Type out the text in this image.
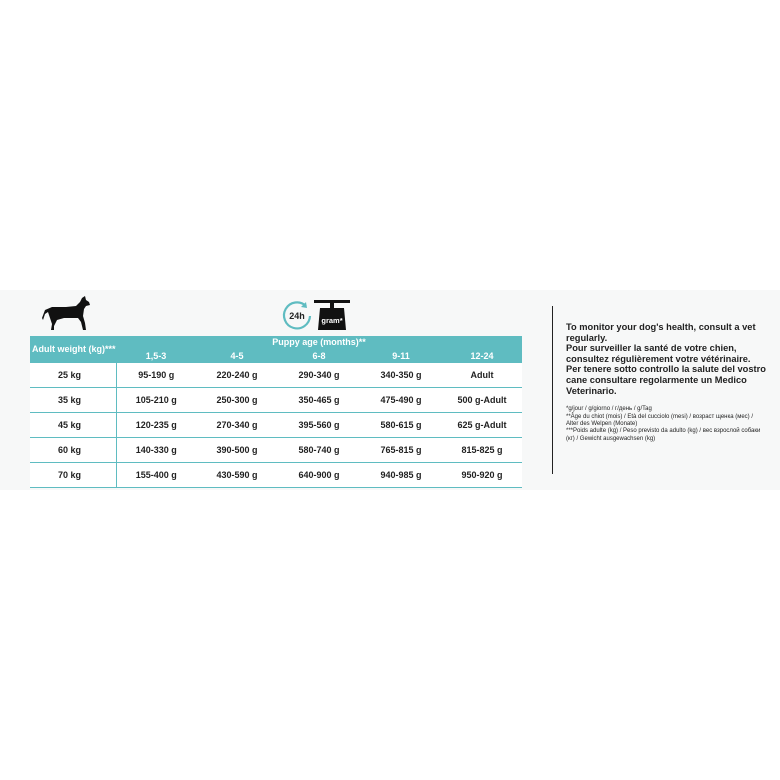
24h gram*
Adult weight (kg)***	Puppy age (months)**				
	1,5-3	4-5	6-8	9-11	12-24
25 kg	95-190 g	220-240 g	290-340 g	340-350 g	Adult
35 kg	105-210 g	250-300 g	350-465 g	475-490 g	500 g-Adult
45 kg	120-235 g	270-340 g	395-560 g	580-615 g	625 g-Adult
60 kg	140-330 g	390-500 g	580-740 g	765-815 g	815-825 g
70 kg	155-400 g	430-590 g	640-900 g	940-985 g	950-920 g

To monitor your dog's health, consult a vet regularly.

Pour surveiller la santé de votre chien, consultez régulièrement votre vétérinaire.

Per tenere sotto controllo la salute del vostro cane consultare regolarmente un Medico Veterinario.

*g/jour / g/giorno / г/день / g/Tag

**Âge du chiot (mois) / Età del cucciolo (mesi) / возраст щенка (мес) / Alter des Welpen (Monate)

***Poids adulte (kg) / Peso previsto da adulto (kg) / вес взрослой собаки (кг) / Gewicht ausgewachsen (kg)
